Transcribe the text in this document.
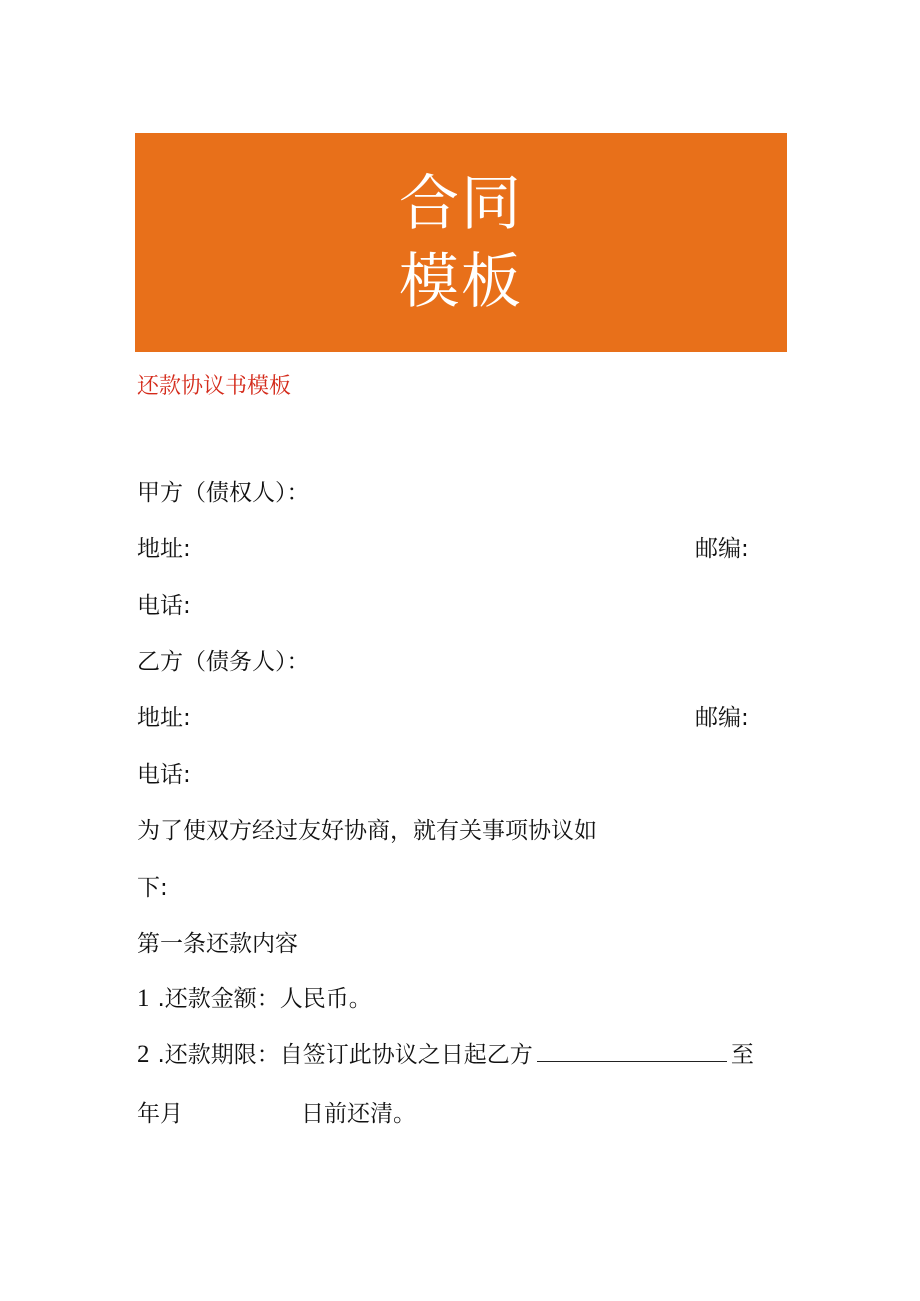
合同
模板
还款协议书模板
甲方（债权人）：
地址:	邮编:
电话:
乙方（债务人）：
地址:	邮编:
电话:
为了使双方经过友好协商，就有关事项协议如
下:
第一条还款内容
1 .还款金额：人民币。
2 .还款期限：自签订此协议之日起乙方	至
年月	日前还清。
